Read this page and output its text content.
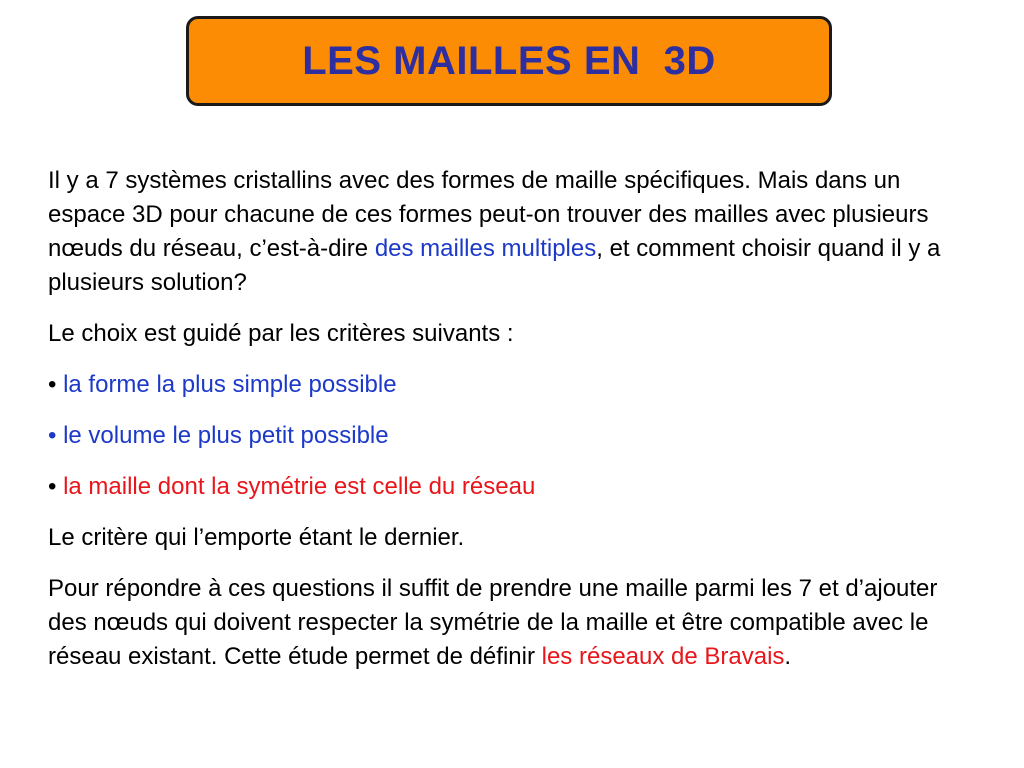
LES MAILLES EN  3D

Il y a 7 systèmes cristallins avec des formes de maille spécifiques. Mais dans un espace 3D pour chacune de ces formes peut-on trouver des mailles avec plusieurs nœuds du réseau, c’est-à-dire des mailles multiples, et comment choisir quand il y a plusieurs solution?

Le choix est guidé par les critères suivants :

• la forme la plus simple possible

• le volume le plus petit possible

• la maille dont la symétrie est celle du réseau

Le critère qui l’emporte étant le dernier.

Pour répondre à ces questions il suffit de prendre une maille parmi les 7 et d’ajouter des nœuds qui doivent respecter la symétrie de la maille et être compatible avec le réseau existant. Cette étude permet de définir les réseaux de Bravais.
